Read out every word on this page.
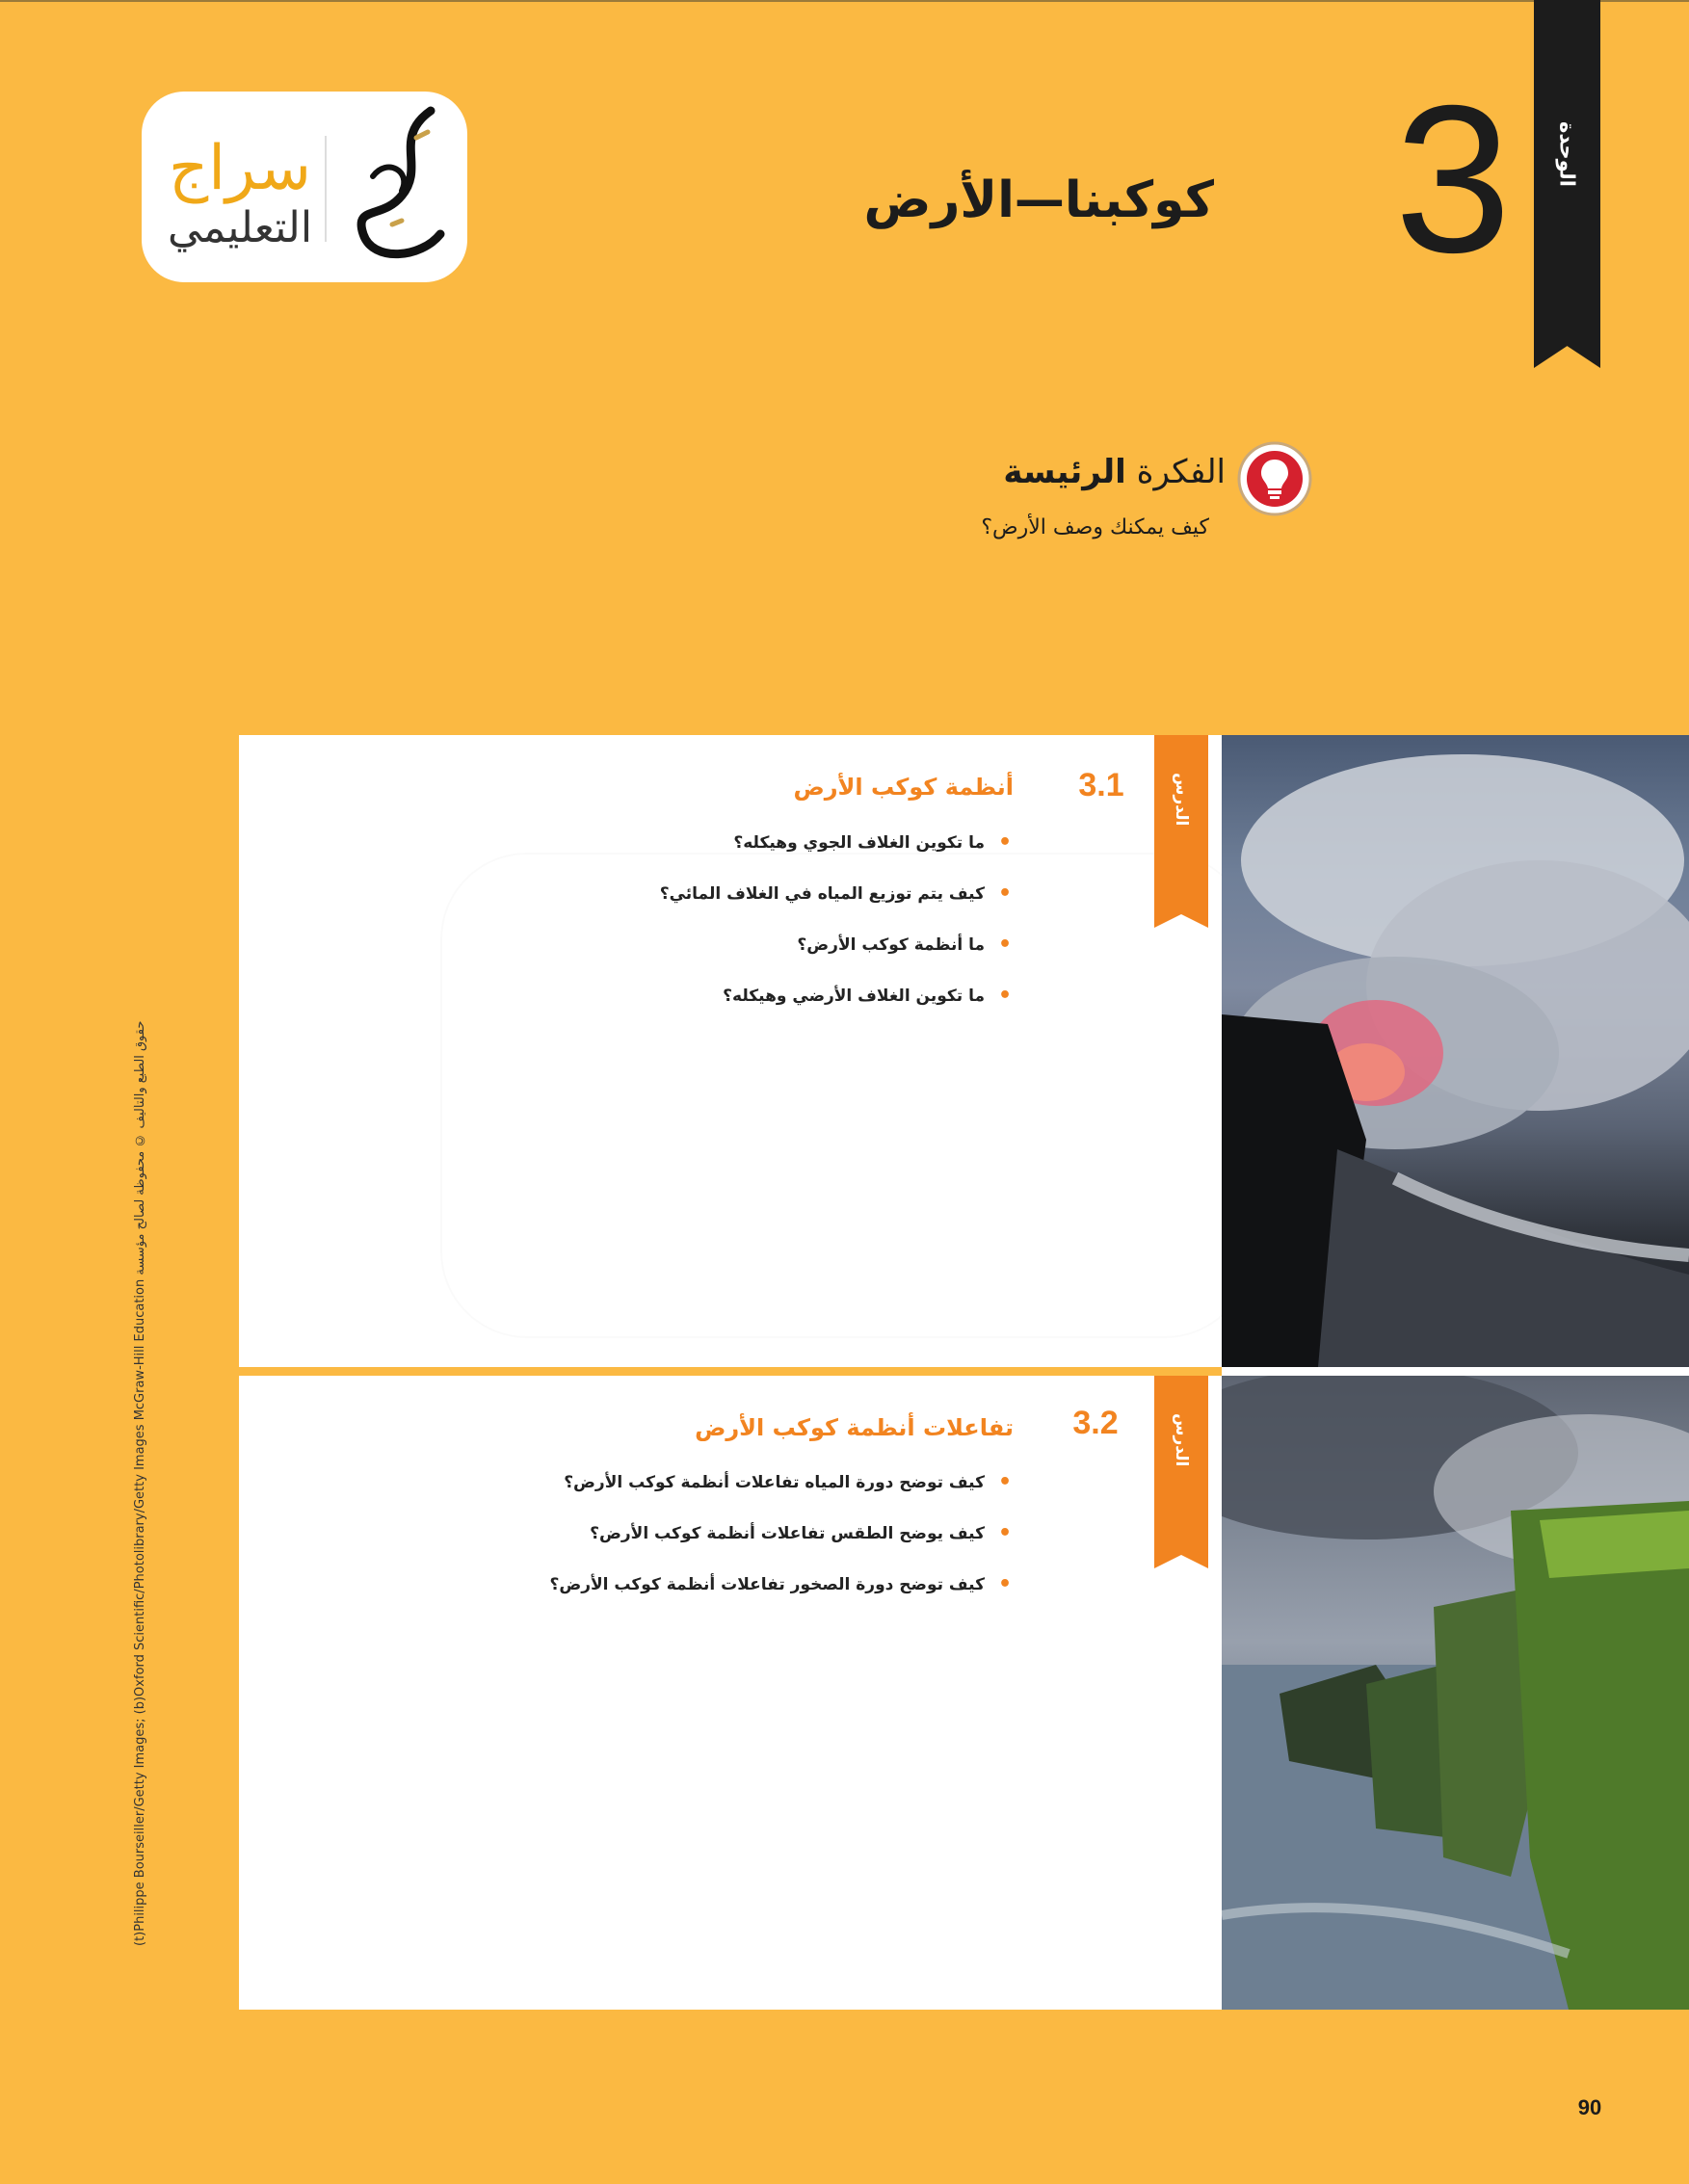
الوحدة
3
كوكبنا—الأرض
سراج
التعليمي
الفكرة الرئيسة
كيف يمكنك وصف الأرض؟
الدرس
3.1
أنظمة كوكب الأرض
• ما تكوين الغلاف الجوي وهيكله؟
• كيف يتم توزيع المياه في الغلاف المائي؟
• ما أنظمة كوكب الأرض؟
• ما تكوين الغلاف الأرضي وهيكله؟
الدرس
3.2
تفاعلات أنظمة كوكب الأرض
• كيف توضح دورة المياه تفاعلات أنظمة كوكب الأرض؟
• كيف يوضح الطقس تفاعلات أنظمة كوكب الأرض؟
• كيف توضح دورة الصخور تفاعلات أنظمة كوكب الأرض؟
(t)Philippe Bourseiller/Getty Images; (b)Oxford Scientific/Photolibrary/Getty Images McGraw-Hill Education حقوق الطبع والتأليف © محفوظة لصالح مؤسسة
90
